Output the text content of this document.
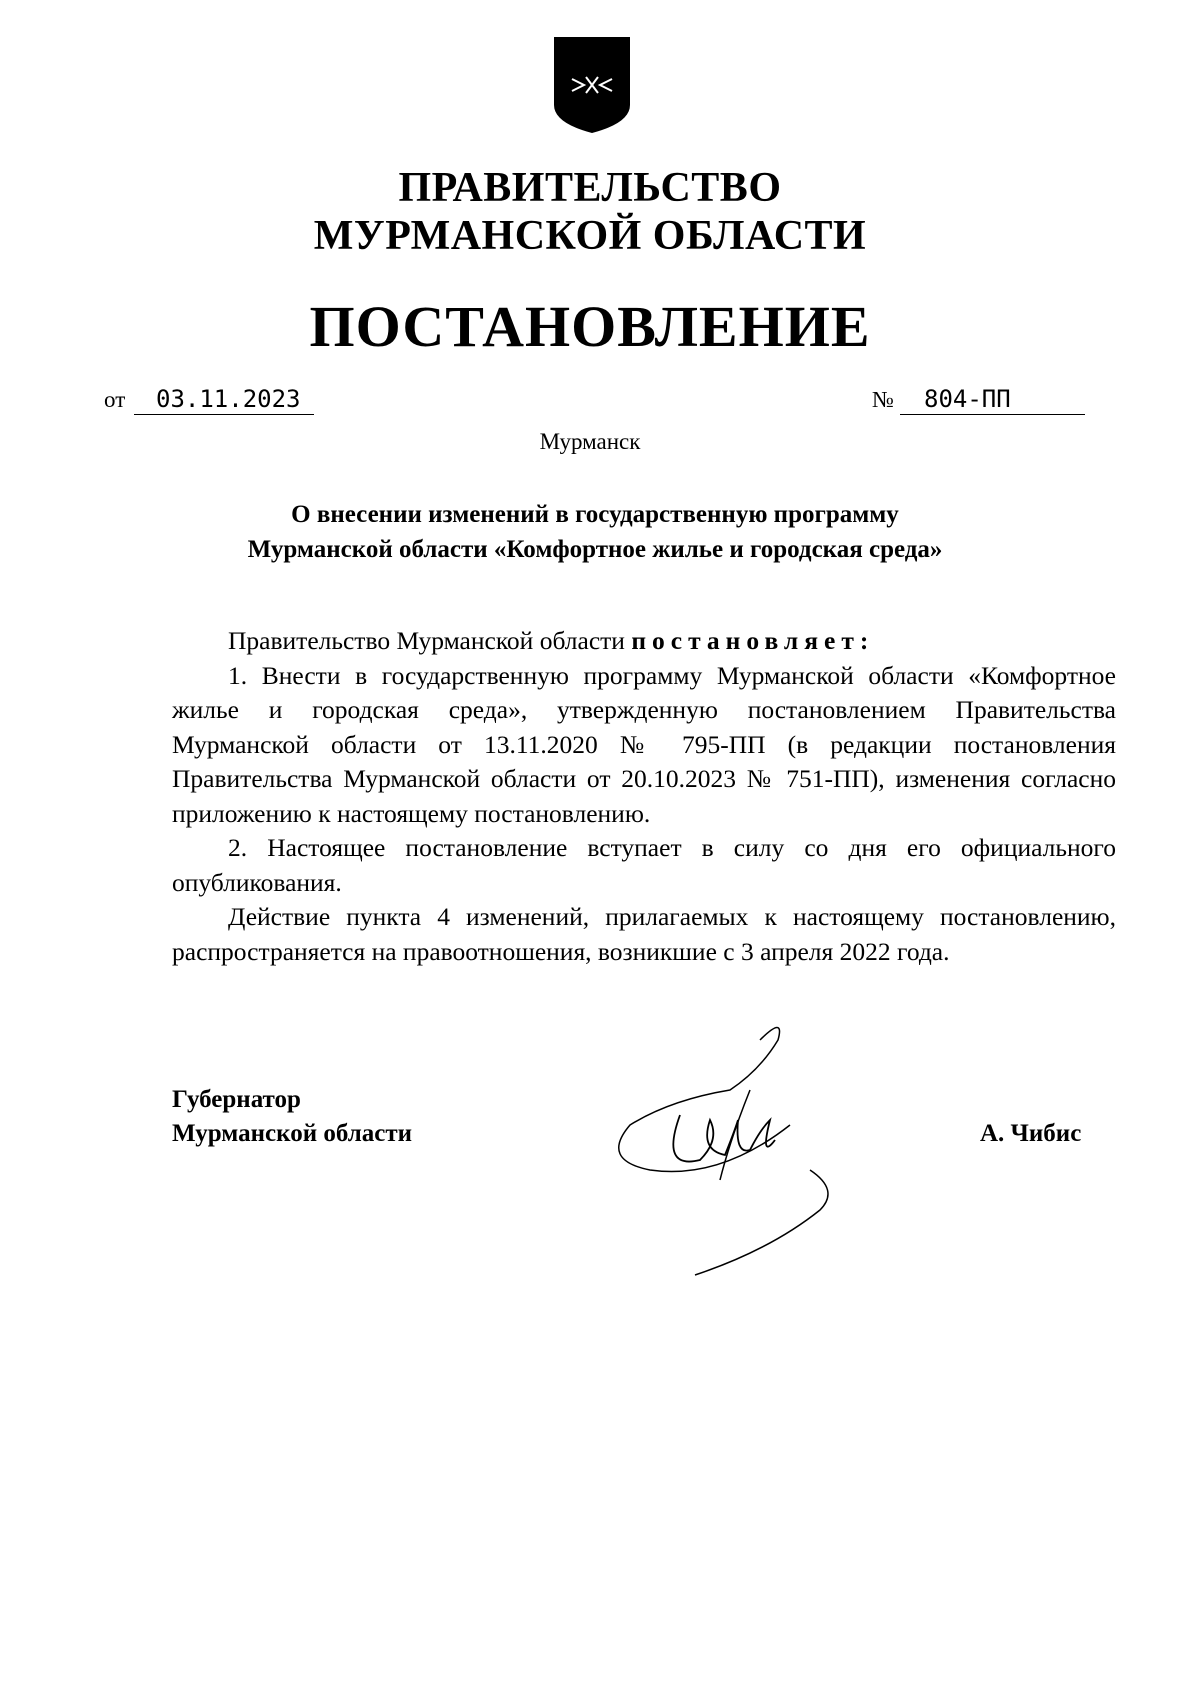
ПРАВИТЕЛЬСТВО
МУРМАНСКОЙ ОБЛАСТИ
ПОСТАНОВЛЕНИЕ
от	03.11.2023	№	804-ПП
Мурманск
О внесении изменений в государственную программу
Мурманской области «Комфортное жилье и городская среда»

Правительство Мурманской области постановляет:

1. Внести в государственную программу Мурманской области «Комфортное жилье и городская среда», утвержденную постановлением Правительства Мурманской области от 13.11.2020 № 795-ПП (в редакции постановления Правительства Мурманской области от 20.10.2023 № 751-ПП), изменения согласно приложению к настоящему постановлению.

2. Настоящее постановление вступает в силу со дня его официального опубликования.

Действие пункта 4 изменений, прилагаемых к настоящему постановлению, распространяется на правоотношения, возникшие с 3 апреля 2022 года.

Губернатор
Мурманской области	А. Чибис
